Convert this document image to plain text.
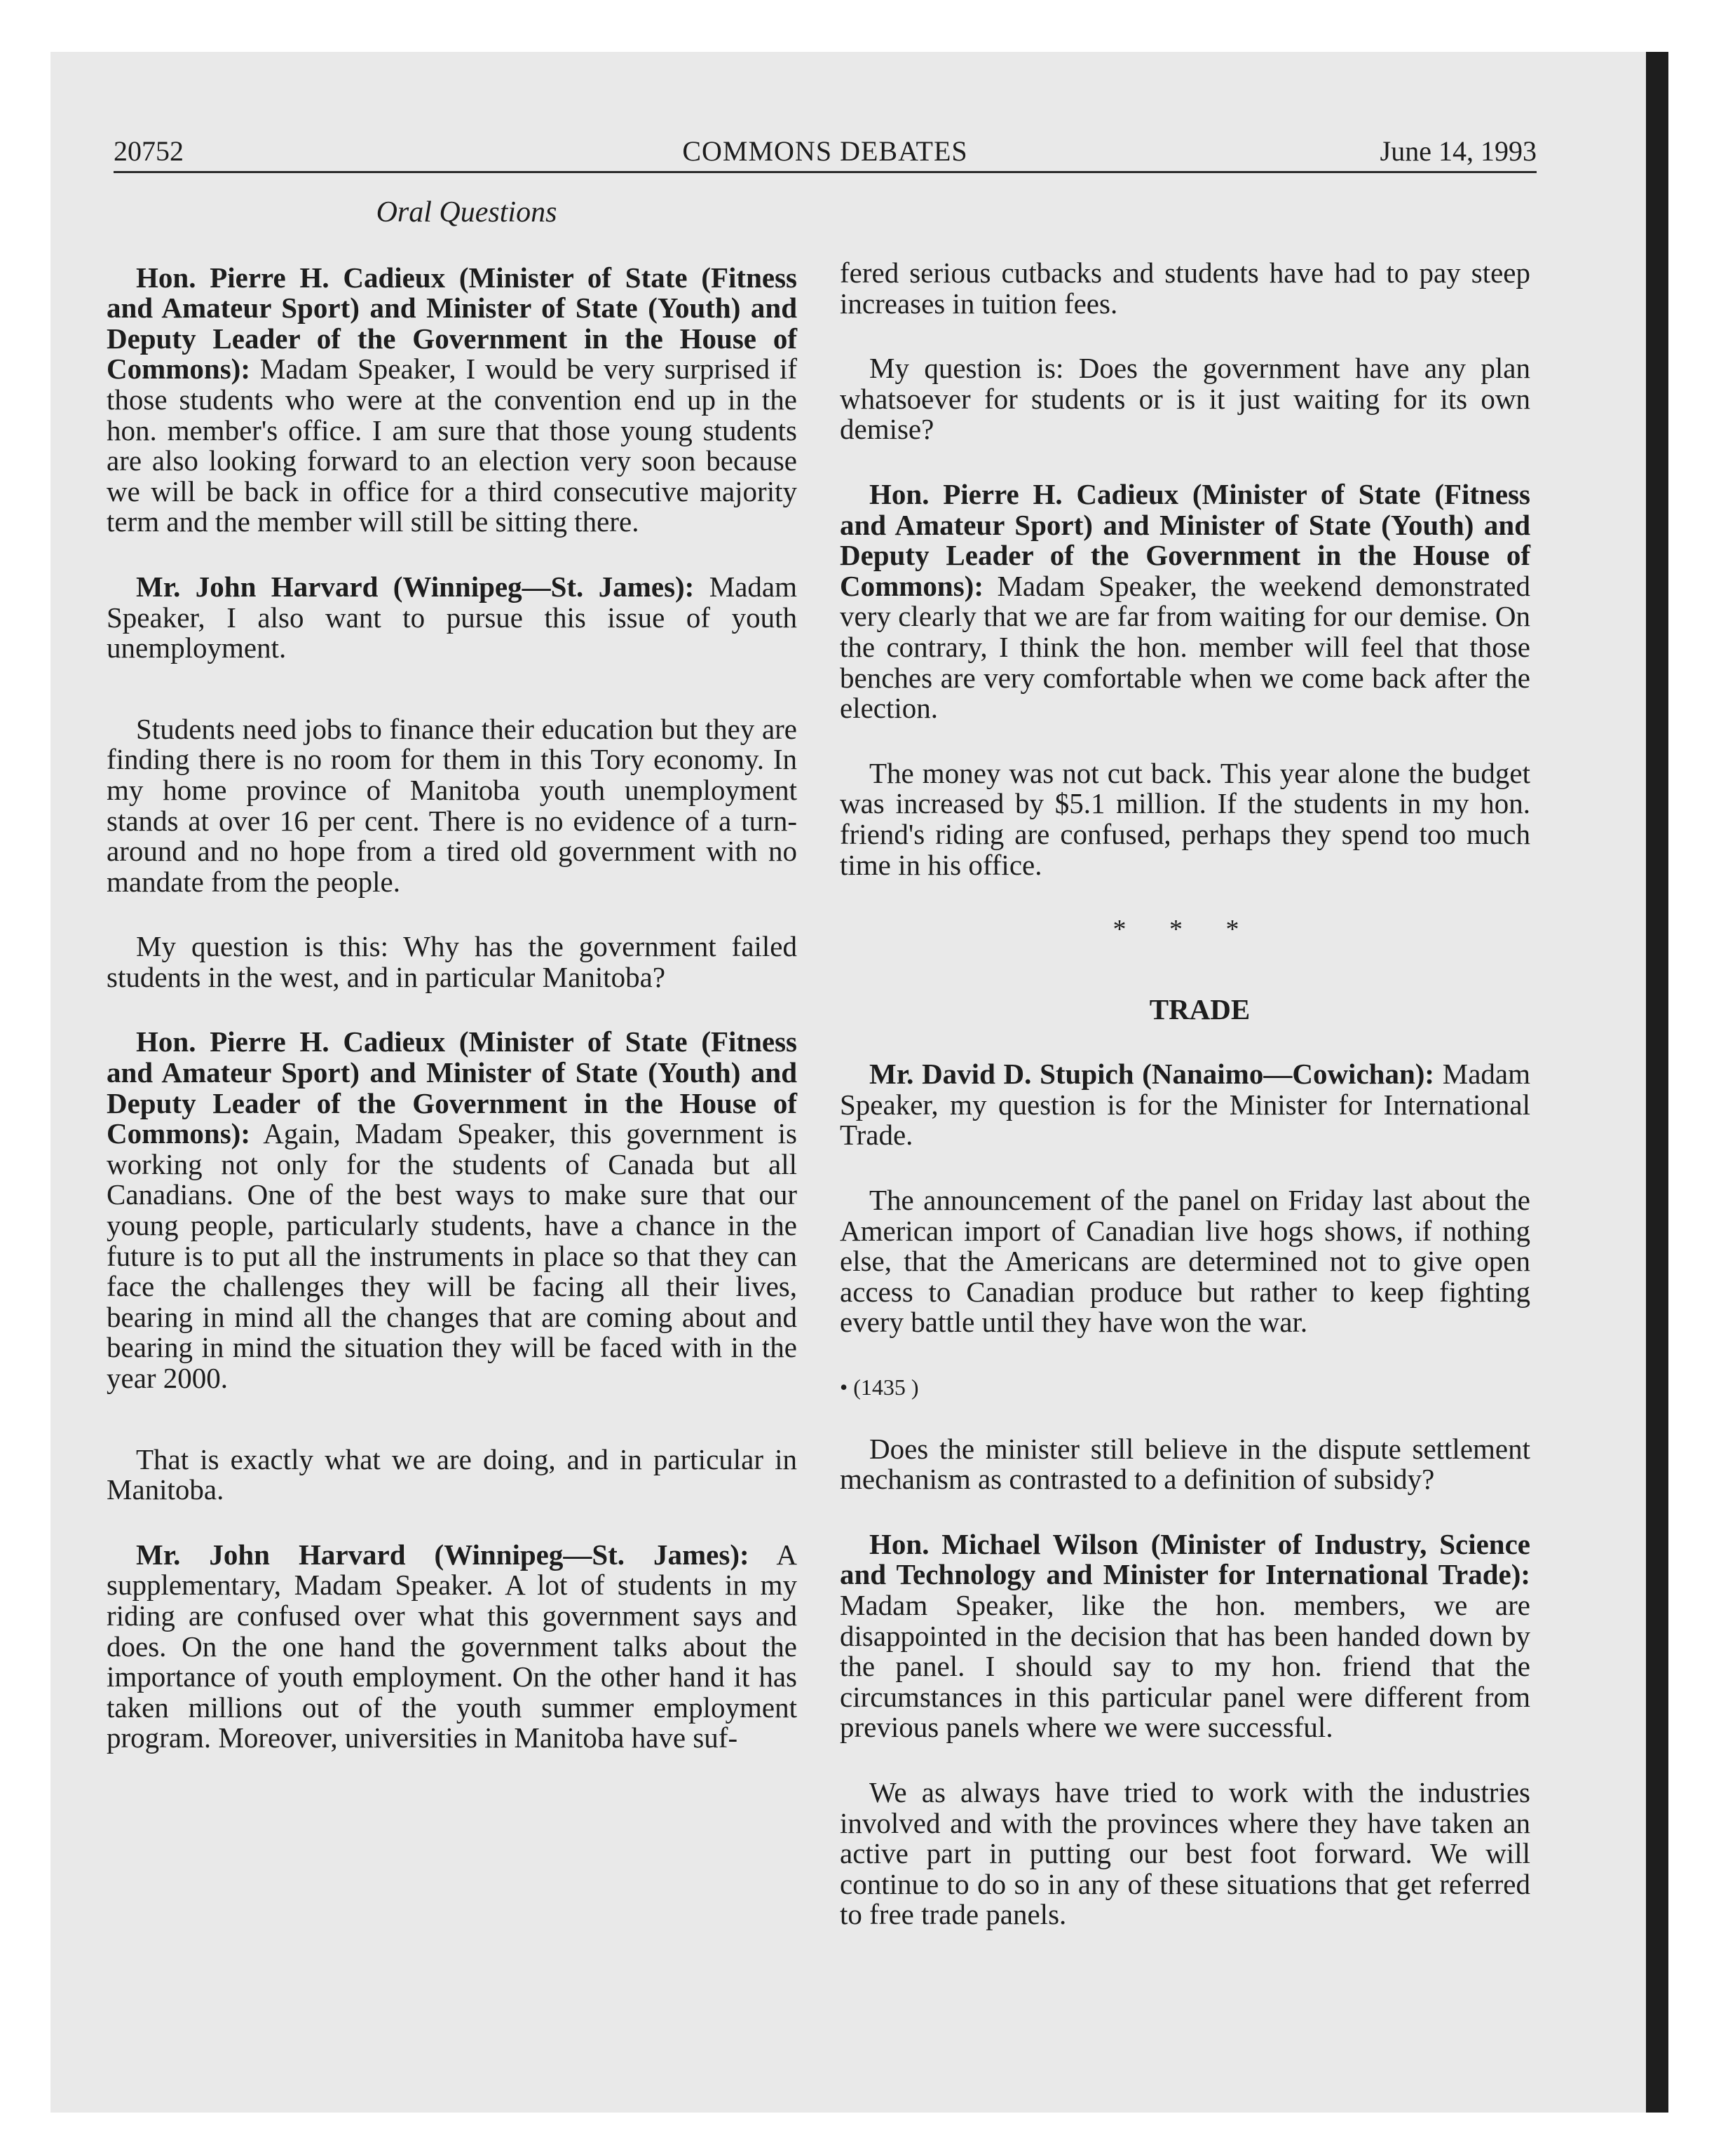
20752	COMMONS DEBATES	June 14, 1993

Oral Questions

Hon. Pierre H. Cadieux (Minister of State (Fitness and Amateur Sport) and Minister of State (Youth) and Deputy Leader of the Government in the House of Commons): Madam Speaker, I would be very surprised if those students who were at the convention end up in the hon. member's office. I am sure that those young students are also looking forward to an election very soon because we will be back in office for a third consecutive majority term and the member will still be sitting there.

Mr. John Harvard (Winnipeg—St. James): Madam Speaker, I also want to pursue this issue of youth unemployment.

Students need jobs to finance their education but they are finding there is no room for them in this Tory economy. In my home province of Manitoba youth unemployment stands at over 16 per cent. There is no evidence of a turn-around and no hope from a tired old government with no mandate from the people.

My question is this: Why has the government failed students in the west, and in particular Manitoba?

Hon. Pierre H. Cadieux (Minister of State (Fitness and Amateur Sport) and Minister of State (Youth) and Deputy Leader of the Government in the House of Commons): Again, Madam Speaker, this government is working not only for the students of Canada but all Canadians. One of the best ways to make sure that our young people, particularly students, have a chance in the future is to put all the instruments in place so that they can face the challenges they will be facing all their lives, bearing in mind all the changes that are coming about and bearing in mind the situation they will be faced with in the year 2000.

That is exactly what we are doing, and in particular in Manitoba.

Mr. John Harvard (Winnipeg—St. James): A supplementary, Madam Speaker. A lot of students in my riding are confused over what this government says and does. On the one hand the government talks about the importance of youth employment. On the other hand it has taken millions out of the youth summer employment program. Moreover, universities in Manitoba have suf-

fered serious cutbacks and students have had to pay steep increases in tuition fees.

My question is: Does the government have any plan whatsoever for students or is it just waiting for its own demise?

Hon. Pierre H. Cadieux (Minister of State (Fitness and Amateur Sport) and Minister of State (Youth) and Deputy Leader of the Government in the House of Commons): Madam Speaker, the weekend demonstrated very clearly that we are far from waiting for our demise. On the contrary, I think the hon. member will feel that those benches are very comfortable when we come back after the election.

The money was not cut back. This year alone the budget was increased by $5.1 million. If the students in my hon. friend's riding are confused, perhaps they spend too much time in his office.

* * *

TRADE

Mr. David D. Stupich (Nanaimo—Cowichan): Madam Speaker, my question is for the Minister for International Trade.

The announcement of the panel on Friday last about the American import of Canadian live hogs shows, if nothing else, that the Americans are determined not to give open access to Canadian produce but rather to keep fighting every battle until they have won the war.

• (1435 )

Does the minister still believe in the dispute settlement mechanism as contrasted to a definition of subsidy?

Hon. Michael Wilson (Minister of Industry, Science and Technology and Minister for International Trade): Madam Speaker, like the hon. members, we are disappointed in the decision that has been handed down by the panel. I should say to my hon. friend that the circumstances in this particular panel were different from previous panels where we were successful.

We as always have tried to work with the industries involved and with the provinces where they have taken an active part in putting our best foot forward. We will continue to do so in any of these situations that get referred to free trade panels.
